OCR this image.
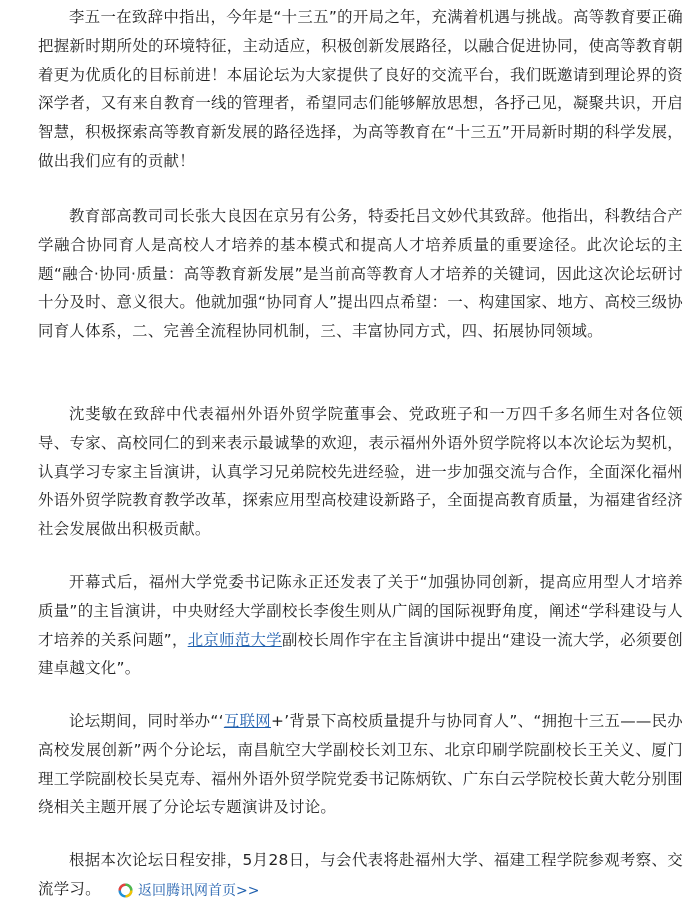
李五一在致辞中指出，今年是“十三五”的开局之年，充满着机遇与挑战。高等教育要正确把握新时期所处的环境特征，主动适应，积极创新发展路径，以融合促进协同，使高等教育朝着更为优质化的目标前进！本届论坛为大家提供了良好的交流平台，我们既邀请到理论界的资深学者，又有来自教育一线的管理者，希望同志们能够解放思想，各抒己见，凝聚共识，开启智慧，积极探索高等教育新发展的路径选择，为高等教育在“十三五”开局新时期的科学发展，做出我们应有的贡献！

教育部高教司司长张大良因在京另有公务，特委托吕文妙代其致辞。他指出，科教结合产学融合协同育人是高校人才培养的基本模式和提高人才培养质量的重要途径。此次论坛的主题“融合·协同·质量：高等教育新发展”是当前高等教育人才培养的关键词，因此这次论坛研讨十分及时、意义很大。他就加强“协同育人”提出四点希望：一、构建国家、地方、高校三级协同育人体系，二、完善全流程协同机制，三、丰富协同方式，四、拓展协同领域。

沈斐敏在致辞中代表福州外语外贸学院董事会、党政班子和一万四千多名师生对各位领导、专家、高校同仁的到来表示最诚挚的欢迎，表示福州外语外贸学院将以本次论坛为契机，认真学习专家主旨演讲，认真学习兄弟院校先进经验，进一步加强交流与合作，全面深化福州外语外贸学院教育教学改革，探索应用型高校建设新路子，全面提高教育质量，为福建省经济社会发展做出积极贡献。

开幕式后，福州大学党委书记陈永正还发表了关于“加强协同创新，提高应用型人才培养质量”的主旨演讲，中央财经大学副校长李俊生则从广阔的国际视野角度，阐述“学科建设与人才培养的关系问题”，北京师范大学副校长周作宇在主旨演讲中提出“建设一流大学，必须要创建卓越文化”。

论坛期间，同时举办“‘互联网+’背景下高校质量提升与协同育人”、“拥抱十三五——民办高校发展创新”两个分论坛，南昌航空大学副校长刘卫东、北京印刷学院副校长王关义、厦门理工学院副校长吴克寿、福州外语外贸学院党委书记陈炳钦、广东白云学院校长黄大乾分别围绕相关主题开展了分论坛专题演讲及讨论。

根据本次论坛日程安排，5月28日，与会代表将赴福州大学、福建工程学院参观考察、交流学习。	返回腾讯网首页>>
